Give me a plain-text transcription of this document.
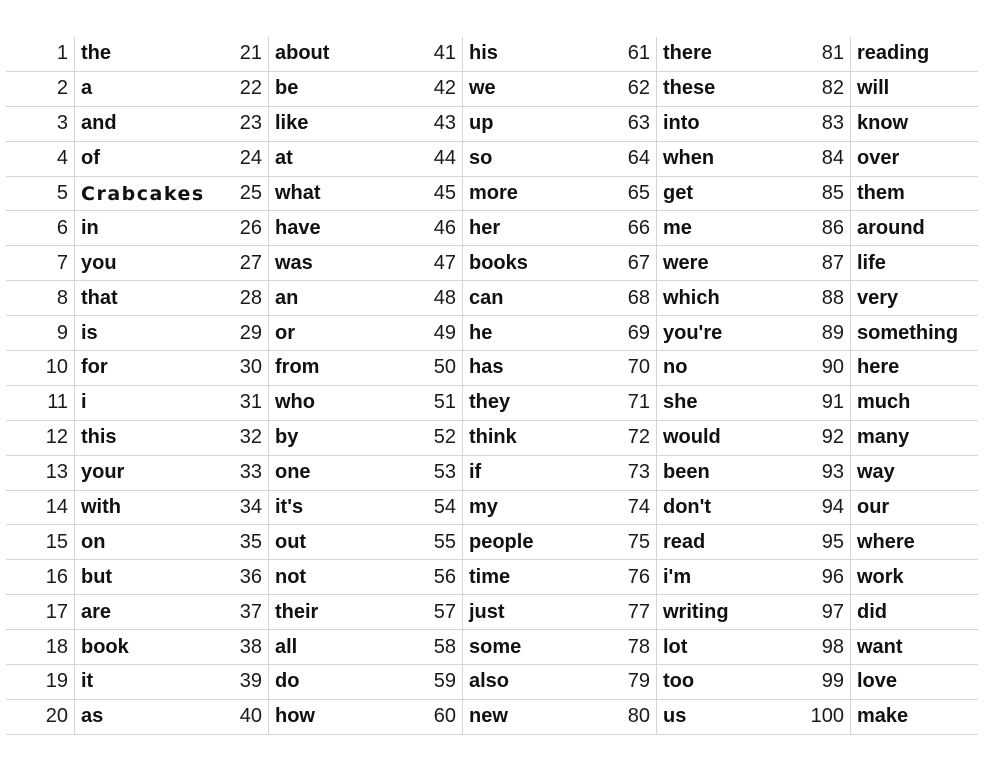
1 the	21 about	41 his	61 there	81 reading
2 a	22 be	42 we	62 these	82 will
3 and	23 like	43 up	63 into	83 know
4 of	24 at	44 so	64 when	84 over
5 Crabcakes	25 what	45 more	65 get	85 them
6 in	26 have	46 her	66 me	86 around
7 you	27 was	47 books	67 were	87 life
8 that	28 an	48 can	68 which	88 very
9 is	29 or	49 he	69 you're	89 something
10 for	30 from	50 has	70 no	90 here
11 i	31 who	51 they	71 she	91 much
12 this	32 by	52 think	72 would	92 many
13 your	33 one	53 if	73 been	93 way
14 with	34 it's	54 my	74 don't	94 our
15 on	35 out	55 people	75 read	95 where
16 but	36 not	56 time	76 i'm	96 work
17 are	37 their	57 just	77 writing	97 did
18 book	38 all	58 some	78 lot	98 want
19 it	39 do	59 also	79 too	99 love
20 as	40 how	60 new	80 us	100 make
